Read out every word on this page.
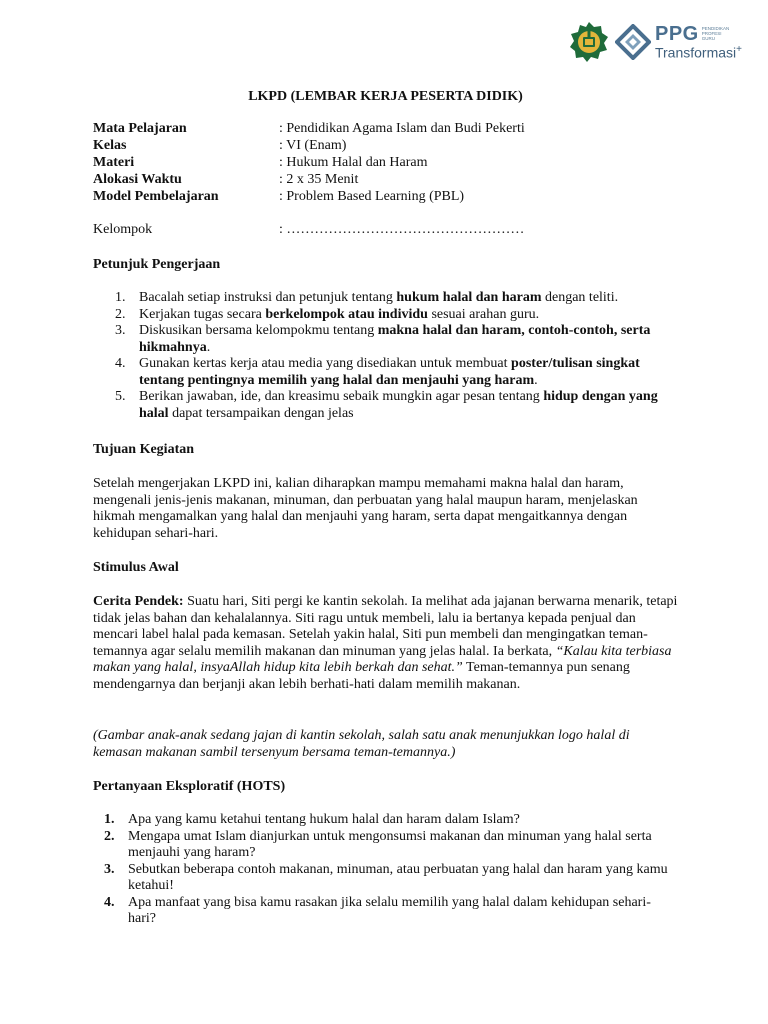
PPG PENDIDIKAN PROFESI GURU
Transformasi+
LKPD (LEMBAR KERJA PESERTA DIDIK)
Mata Pelajaran	: Pendidikan Agama Islam dan Budi Pekerti
Kelas	: VI (Enam)
Materi	: Hukum Halal dan Haram
Alokasi Waktu	: 2 x 35 Menit
Model Pembelajaran	: Problem Based Learning (PBL)
Kelompok	: ……………………………………………
Petunjuk Pengerjaan
1. Bacalah setiap instruksi dan petunjuk tentang hukum halal dan haram dengan teliti.
2. Kerjakan tugas secara berkelompok atau individu sesuai arahan guru.
3. Diskusikan bersama kelompokmu tentang makna halal dan haram, contoh-contoh, serta hikmahnya.
4. Gunakan kertas kerja atau media yang disediakan untuk membuat poster/tulisan singkat tentang pentingnya memilih yang halal dan menjauhi yang haram.
5. Berikan jawaban, ide, dan kreasimu sebaik mungkin agar pesan tentang hidup dengan yang halal dapat tersampaikan dengan jelas
Tujuan Kegiatan

Setelah mengerjakan LKPD ini, kalian diharapkan mampu memahami makna halal dan haram, mengenali jenis-jenis makanan, minuman, dan perbuatan yang halal maupun haram, menjelaskan hikmah mengamalkan yang halal dan menjauhi yang haram, serta dapat mengaitkannya dengan kehidupan sehari-hari.

Stimulus Awal

Cerita Pendek: Suatu hari, Siti pergi ke kantin sekolah. Ia melihat ada jajanan berwarna menarik, tetapi tidak jelas bahan dan kehalalannya. Siti ragu untuk membeli, lalu ia bertanya kepada penjual dan mencari label halal pada kemasan. Setelah yakin halal, Siti pun membeli dan mengingatkan teman-temannya agar selalu memilih makanan dan minuman yang jelas halal. Ia berkata, “Kalau kita terbiasa makan yang halal, insyaAllah hidup kita lebih berkah dan sehat.” Teman-temannya pun senang mendengarnya dan berjanji akan lebih berhati-hati dalam memilih makanan.

(Gambar anak-anak sedang jajan di kantin sekolah, salah satu anak menunjukkan logo halal di kemasan makanan sambil tersenyum bersama teman-temannya.)

Pertanyaan Eksploratif (HOTS)
1. Apa yang kamu ketahui tentang hukum halal dan haram dalam Islam?
2. Mengapa umat Islam dianjurkan untuk mengonsumsi makanan dan minuman yang halal serta menjauhi yang haram?
3. Sebutkan beberapa contoh makanan, minuman, atau perbuatan yang halal dan haram yang kamu ketahui!
4. Apa manfaat yang bisa kamu rasakan jika selalu memilih yang halal dalam kehidupan sehari-hari?
